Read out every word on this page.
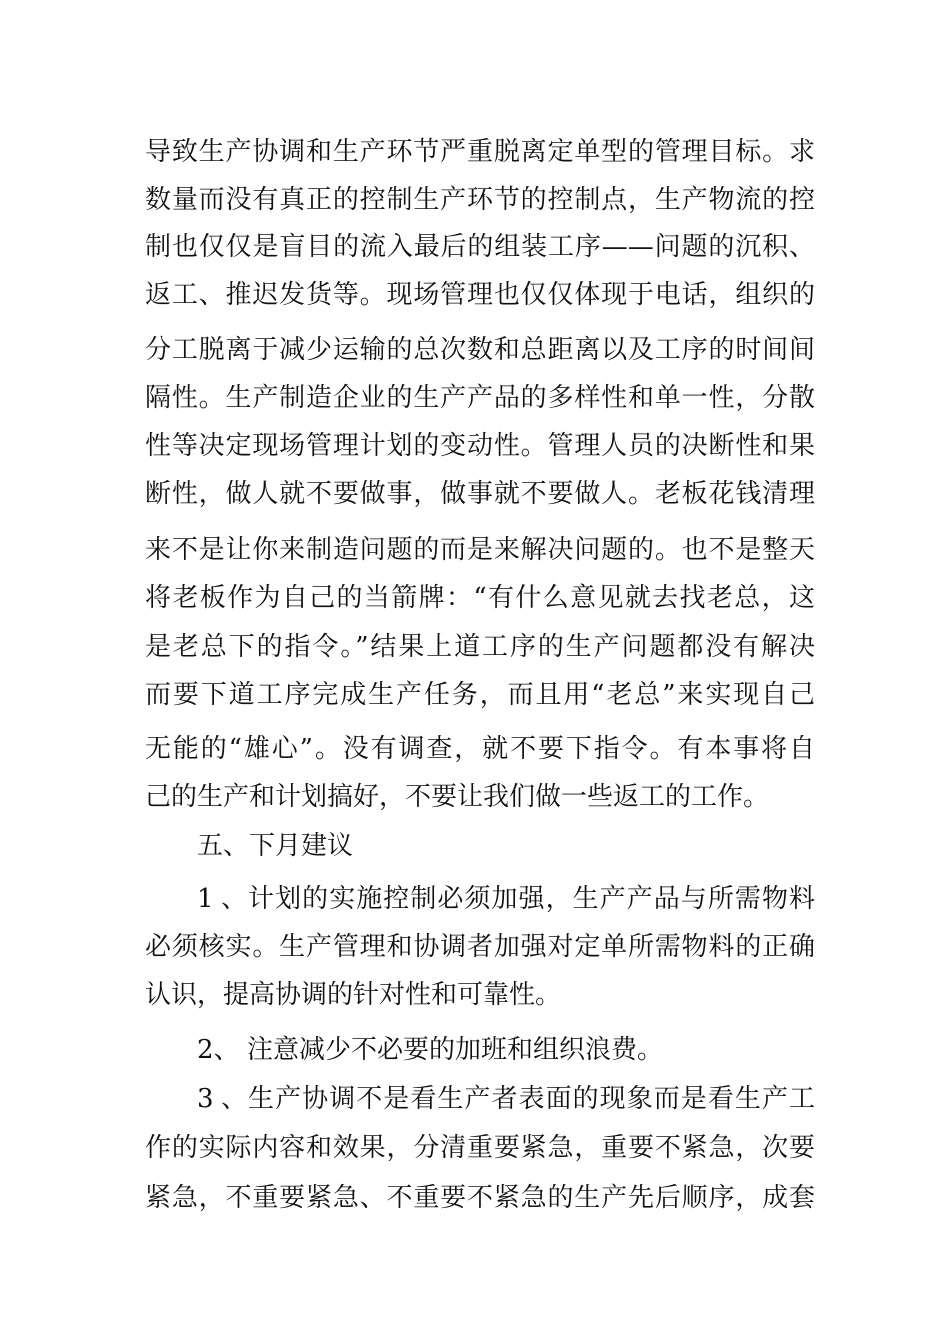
导致生产协调和生产环节严重脱离定单型的管理目标。求
数量而没有真正的控制生产环节的控制点，生产物流的控
制也仅仅是盲目的流入最后的组装工序——问题的沉积、
返工、推迟发货等。现场管理也仅仅体现于电话，组织的
分工脱离于减少运输的总次数和总距离以及工序的时间间
隔性。生产制造企业的生产产品的多样性和单一性，分散
性等决定现场管理计划的变动性。管理人员的决断性和果
断性，做人就不要做事，做事就不要做人。老板花钱清理
来不是让你来制造问题的而是来解决问题的。也不是整天
将老板作为自己的当箭牌：“有什么意见就去找老总，这
是老总下的指令。”结果上道工序的生产问题都没有解决
而要下道工序完成生产任务，而且用“老总”来实现自己
无能的“雄心”。没有调查，就不要下指令。有本事将自
己的生产和计划搞好，不要让我们做一些返工的工作。
五、下月建议
1、计划的实施控制必须加强，生产产品与所需物料
必须核实。生产管理和协调者加强对定单所需物料的正确
认识，提高协调的针对性和可靠性。
2、 注意减少不必要的加班和组织浪费。
3、生产协调不是看生产者表面的现象而是看生产工
作的实际内容和效果，分清重要紧急，重要不紧急，次要
紧急，不重要紧急、不重要不紧急的生产先后顺序，成套
